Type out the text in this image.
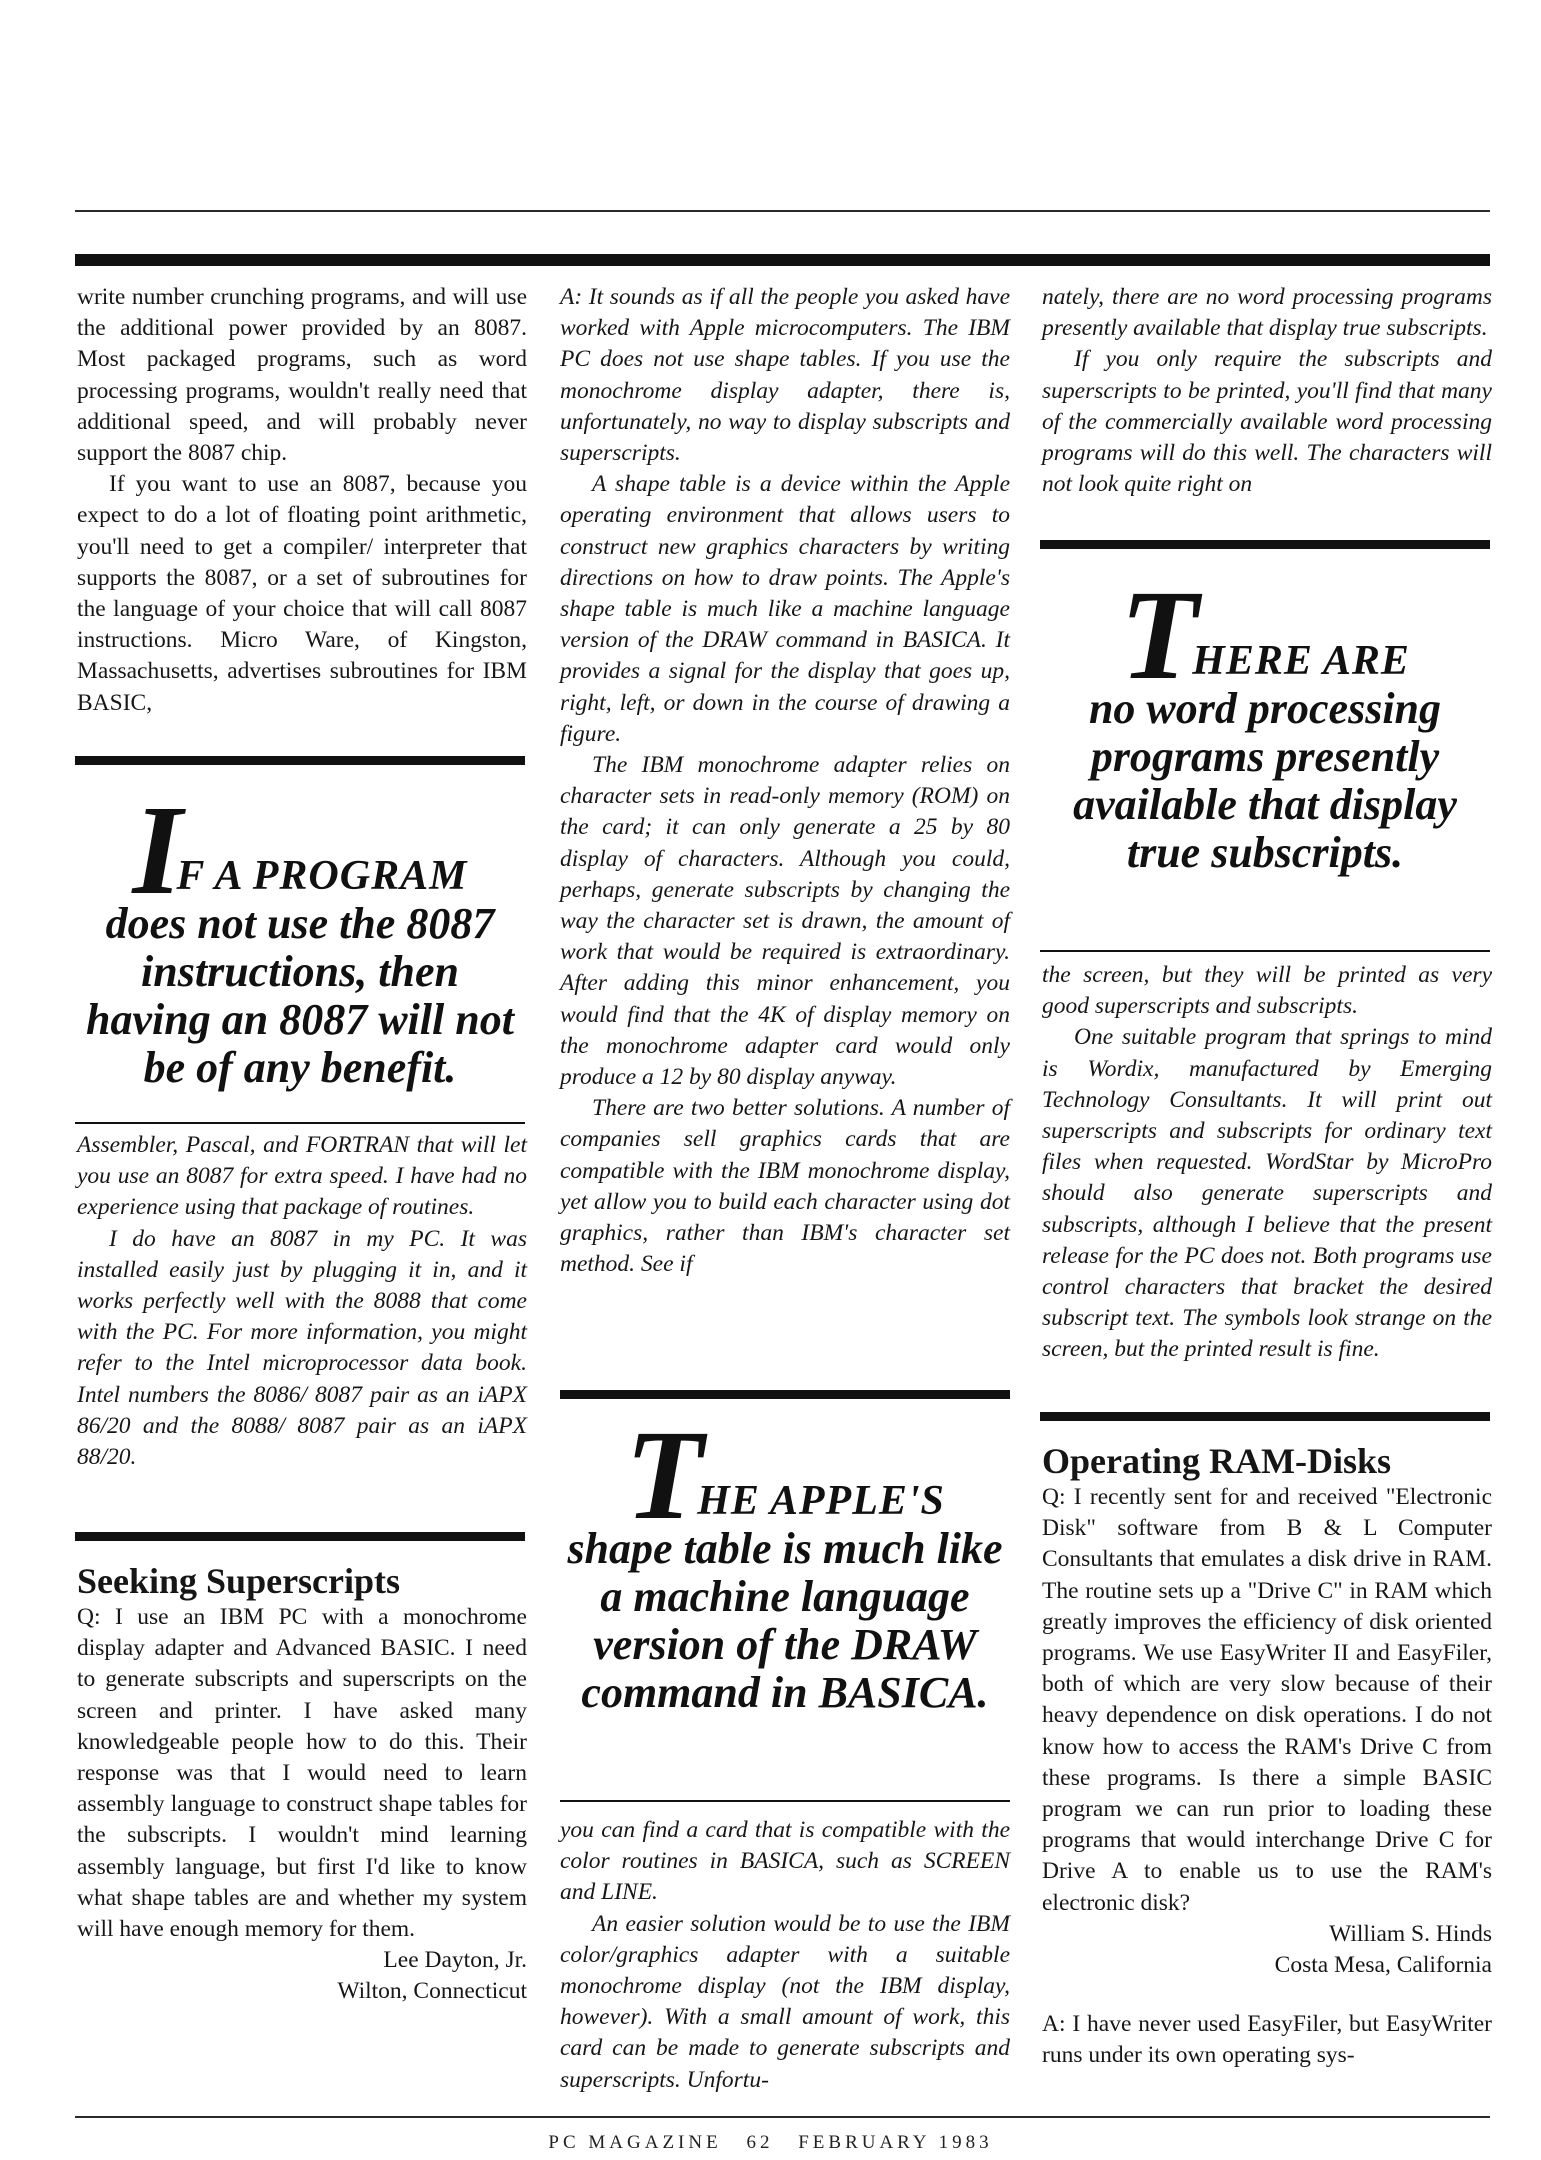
write number crunching programs, and will use the additional power provided by an 8087. Most packaged programs, such as word processing programs, wouldn't really need that additional speed, and will probably never support the 8087 chip.

If you want to use an 8087, because you expect to do a lot of floating point arithmetic, you'll need to get a compiler/ interpreter that supports the 8087, or a set of subroutines for the language of your choice that will call 8087 instructions. Micro Ware, of Kingston, Massachusetts, advertises subroutines for IBM BASIC,

IF A PROGRAM
does not use the 8087 instructions, then having an 8087 will not be of any benefit.

Assembler, Pascal, and FORTRAN that will let you use an 8087 for extra speed. I have had no experience using that package of routines.

I do have an 8087 in my PC. It was installed easily just by plugging it in, and it works perfectly well with the 8088 that come with the PC. For more information, you might refer to the Intel microprocessor data book. Intel numbers the 8086/ 8087 pair as an iAPX 86/20 and the 8088/ 8087 pair as an iAPX 88/20.

Seeking Superscripts

Q: I use an IBM PC with a monochrome display adapter and Advanced BASIC. I need to generate subscripts and superscripts on the screen and printer. I have asked many knowledgeable people how to do this. Their response was that I would need to learn assembly language to construct shape tables for the subscripts. I wouldn't mind learning assembly language, but first I'd like to know what shape tables are and whether my system will have enough memory for them.

Lee Dayton, Jr.

Wilton, Connecticut

A: It sounds as if all the people you asked have worked with Apple microcomputers. The IBM PC does not use shape tables. If you use the monochrome display adapter, there is, unfortunately, no way to display subscripts and superscripts.

A shape table is a device within the Apple operating environment that allows users to construct new graphics characters by writing directions on how to draw points. The Apple's shape table is much like a machine language version of the DRAW command in BASICA. It provides a signal for the display that goes up, right, left, or down in the course of drawing a figure.

The IBM monochrome adapter relies on character sets in read-only memory (ROM) on the card; it can only generate a 25 by 80 display of characters. Although you could, perhaps, generate subscripts by changing the way the character set is drawn, the amount of work that would be required is extraordinary. After adding this minor enhancement, you would find that the 4K of display memory on the monochrome adapter card would only produce a 12 by 80 display anyway.

There are two better solutions. A number of companies sell graphics cards that are compatible with the IBM monochrome display, yet allow you to build each character using dot graphics, rather than IBM's character set method. See if

THE APPLE'S
shape table is much like a machine language version of the DRAW command in BASICA.

you can find a card that is compatible with the color routines in BASICA, such as SCREEN and LINE.

An easier solution would be to use the IBM color/graphics adapter with a suitable monochrome display (not the IBM display, however). With a small amount of work, this card can be made to generate subscripts and superscripts. Unfortu-

nately, there are no word processing programs presently available that display true subscripts.

If you only require the subscripts and superscripts to be printed, you'll find that many of the commercially available word processing programs will do this well. The characters will not look quite right on

THERE ARE
no word processing programs presently available that display true subscripts.

the screen, but they will be printed as very good superscripts and subscripts.

One suitable program that springs to mind is Wordix, manufactured by Emerging Technology Consultants. It will print out superscripts and subscripts for ordinary text files when requested. WordStar by MicroPro should also generate superscripts and subscripts, although I believe that the present release for the PC does not. Both programs use control characters that bracket the desired subscript text. The symbols look strange on the screen, but the printed result is fine.

Operating RAM-Disks

Q: I recently sent for and received "Electronic Disk" software from B & L Computer Consultants that emulates a disk drive in RAM. The routine sets up a "Drive C" in RAM which greatly improves the efficiency of disk oriented programs. We use EasyWriter II and EasyFiler, both of which are very slow because of their heavy dependence on disk operations. I do not know how to access the RAM's Drive C from these programs. Is there a simple BASIC program we can run prior to loading these programs that would interchange Drive C for Drive A to enable us to use the RAM's electronic disk?

William S. Hinds

Costa Mesa, California

A: I have never used EasyFiler, but EasyWriter runs under its own operating sys-

PC MAGAZINE 62 FEBRUARY 1983
